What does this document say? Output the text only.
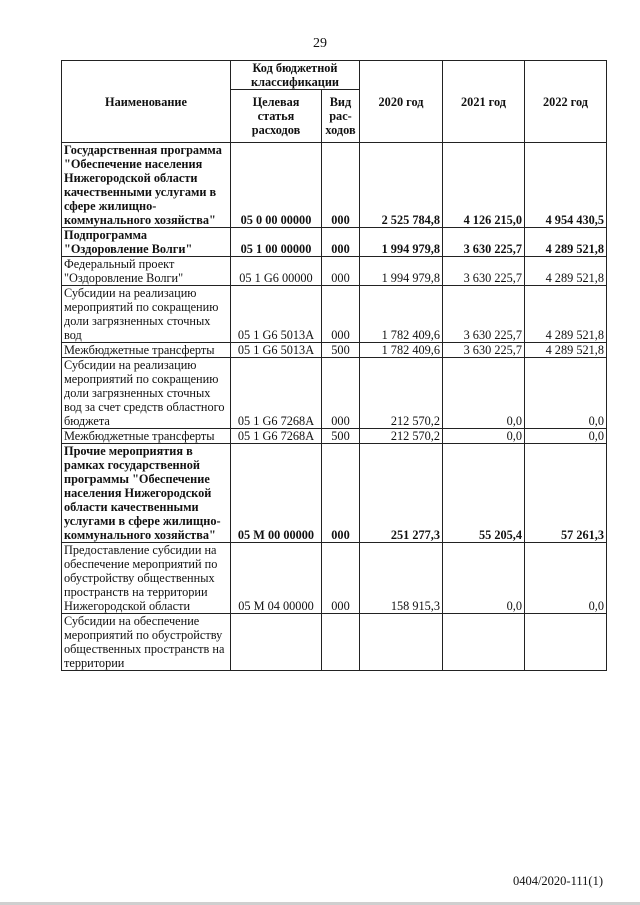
29
Наименование	Код бюджетной классификации		2020 год	2021 год	2022 год
	Целевая статья расходов	Вид рас- ходов			
Государственная программа "Обеспечение населения Нижегородской области качественными услугами в сфере жилищно-коммунального хозяйства"	05 0 00 00000	000	2 525 784,8	4 126 215,0	4 954 430,5
Подпрограмма "Оздоровление Волги"	05 1 00 00000	000	1 994 979,8	3 630 225,7	4 289 521,8
Федеральный проект "Оздоровление Волги"	05 1 G6 00000	000	1 994 979,8	3 630 225,7	4 289 521,8
Субсидии на реализацию мероприятий по сокращению доли загрязненных сточных вод	05 1 G6 5013A	000	1 782 409,6	3 630 225,7	4 289 521,8
Межбюджетные трансферты	05 1 G6 5013A	500	1 782 409,6	3 630 225,7	4 289 521,8
Субсидии на реализацию мероприятий по сокращению доли загрязненных сточных вод за счет средств областного бюджета	05 1 G6 7268A	000	212 570,2	0,0	0,0
Межбюджетные трансферты	05 1 G6 7268A	500	212 570,2	0,0	0,0
Прочие мероприятия в рамках государственной программы "Обеспечение населения Нижегородской области качественными услугами в сфере жилищно-коммунального хозяйства"	05 М 00 00000	000	251 277,3	55 205,4	57 261,3
Предоставление субсидии на обеспечение мероприятий по обустройству общественных пространств на территории Нижегородской области	05 М 04 00000	000	158 915,3	0,0	0,0
Субсидии на обеспечение мероприятий по обустройству общественных пространств на территории					
0404/2020-111(1)
